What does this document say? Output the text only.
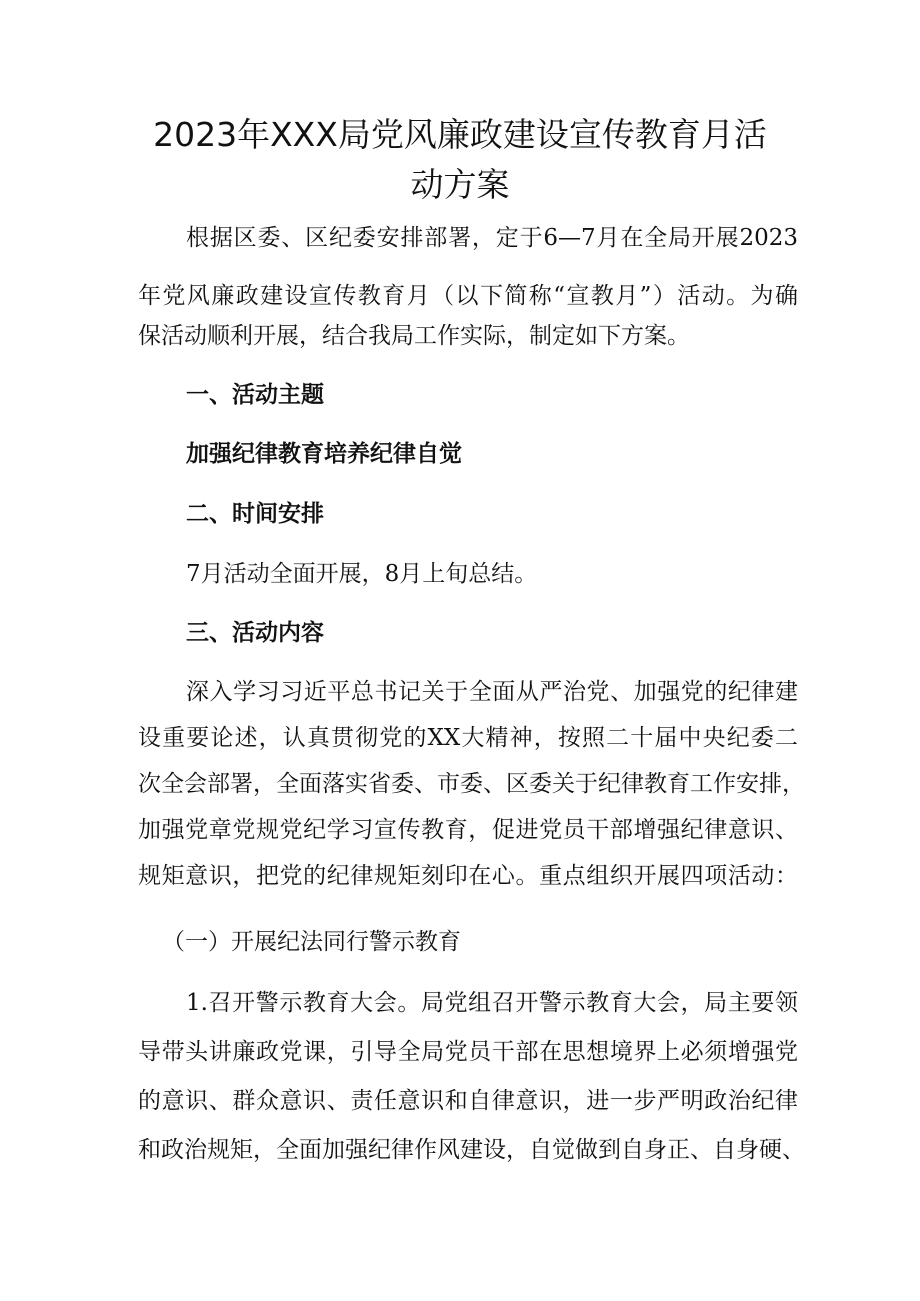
2023年XXX局党风廉政建设宣传教育月活
动方案
根据区委、区纪委安排部署，定于6—7月在全局开展2023
年党风廉政建设宣传教育月（以下简称“宣教月”）活动。为确
保活动顺利开展，结合我局工作实际，制定如下方案。
一、活动主题
加强纪律教育培养纪律自觉
二、时间安排
7月活动全面开展，8月上旬总结。
三、活动内容
深入学习习近平总书记关于全面从严治党、加强党的纪律建
设重要论述，认真贯彻党的XX大精神，按照二十届中央纪委二
次全会部署，全面落实省委、市委、区委关于纪律教育工作安排，
加强党章党规党纪学习宣传教育，促进党员干部增强纪律意识、
规矩意识，把党的纪律规矩刻印在心。重点组织开展四项活动：
（一）开展纪法同行警示教育
1.召开警示教育大会。局党组召开警示教育大会，局主要领
导带头讲廉政党课，引导全局党员干部在思想境界上必须增强党
的意识、群众意识、责任意识和自律意识，进一步严明政治纪律
和政治规矩，全面加强纪律作风建设，自觉做到自身正、自身硬、
